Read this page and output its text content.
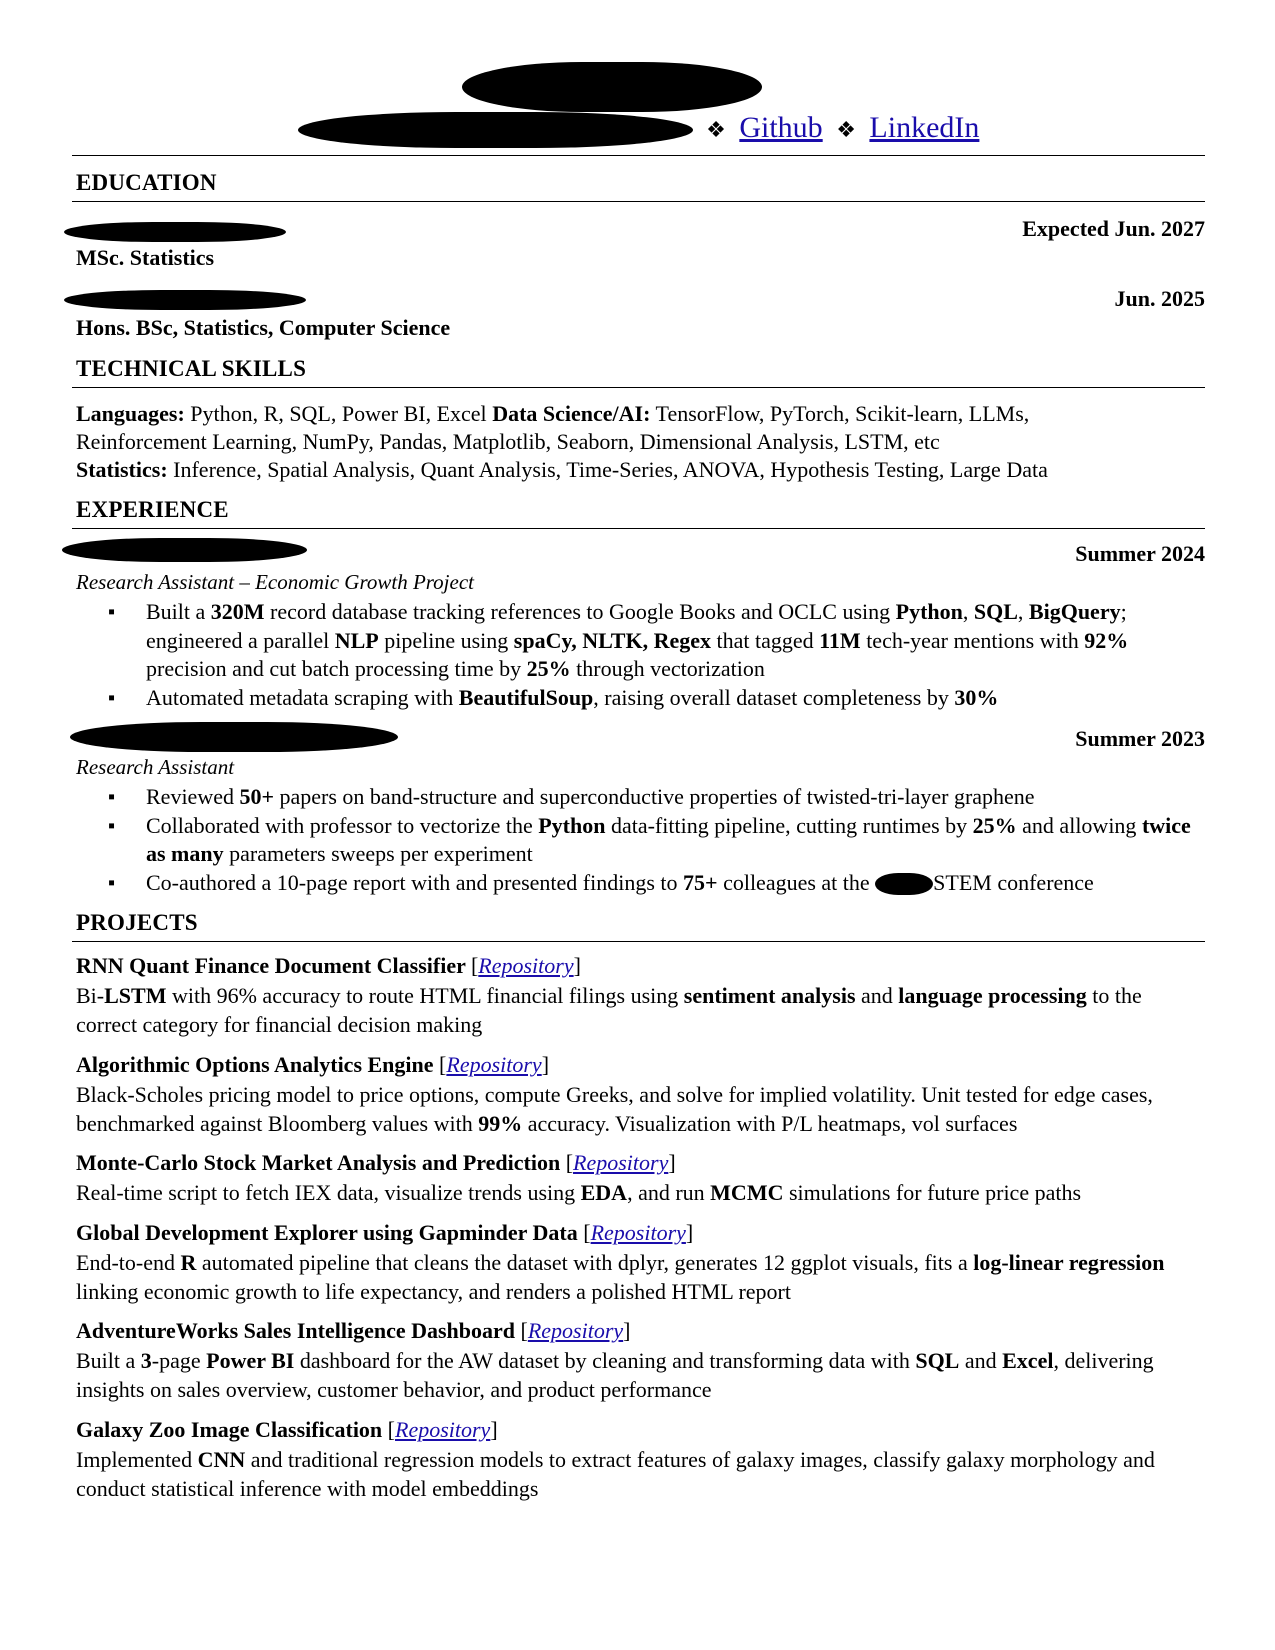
❖ Github ❖ LinkedIn
EDUCATION
Expected Jun. 2027
MSc. Statistics
Jun. 2025
Hons. BSc, Statistics, Computer Science
TECHNICAL SKILLS
Languages: Python, R, SQL, Power BI, Excel Data Science/AI: TensorFlow, PyTorch, Scikit-learn, LLMs,
Reinforcement Learning, NumPy, Pandas, Matplotlib, Seaborn, Dimensional Analysis, LSTM, etc
Statistics: Inference, Spatial Analysis, Quant Analysis, Time-Series, ANOVA, Hypothesis Testing, Large Data
EXPERIENCE
Summer 2024
Research Assistant – Economic Growth Project
▪ Built a 320M record database tracking references to Google Books and OCLC using Python, SQL, BigQuery; engineered a parallel NLP pipeline using spaCy, NLTK, Regex that tagged 11M tech-year mentions with 92% precision and cut batch processing time by 25% through vectorization
▪ Automated metadata scraping with BeautifulSoup, raising overall dataset completeness by 30%
Summer 2023
Research Assistant
▪ Reviewed 50+ papers on band-structure and superconductive properties of twisted-tri-layer graphene
▪ Collaborated with professor to vectorize the Python data-fitting pipeline, cutting runtimes by 25% and allowing twice as many parameters sweeps per experiment
▪ Co-authored a 10-page report with and presented findings to 75+ colleagues at the	STEM conference
PROJECTS
RNN Quant Finance Document Classifier [Repository]
Bi-LSTM with 96% accuracy to route HTML financial filings using sentiment analysis and language processing to the correct category for financial decision making
Algorithmic Options Analytics Engine [Repository]
Black-Scholes pricing model to price options, compute Greeks, and solve for implied volatility. Unit tested for edge cases, benchmarked against Bloomberg values with 99% accuracy. Visualization with P/L heatmaps, vol surfaces
Monte-Carlo Stock Market Analysis and Prediction [Repository]
Real-time script to fetch IEX data, visualize trends using EDA, and run MCMC simulations for future price paths
Global Development Explorer using Gapminder Data [Repository]
End-to-end R automated pipeline that cleans the dataset with dplyr, generates 12 ggplot visuals, fits a log-linear regression linking economic growth to life expectancy, and renders a polished HTML report
AdventureWorks Sales Intelligence Dashboard [Repository]
Built a 3-page Power BI dashboard for the AW dataset by cleaning and transforming data with SQL and Excel, delivering insights on sales overview, customer behavior, and product performance
Galaxy Zoo Image Classification [Repository]
Implemented CNN and traditional regression models to extract features of galaxy images, classify galaxy morphology and conduct statistical inference with model embeddings
